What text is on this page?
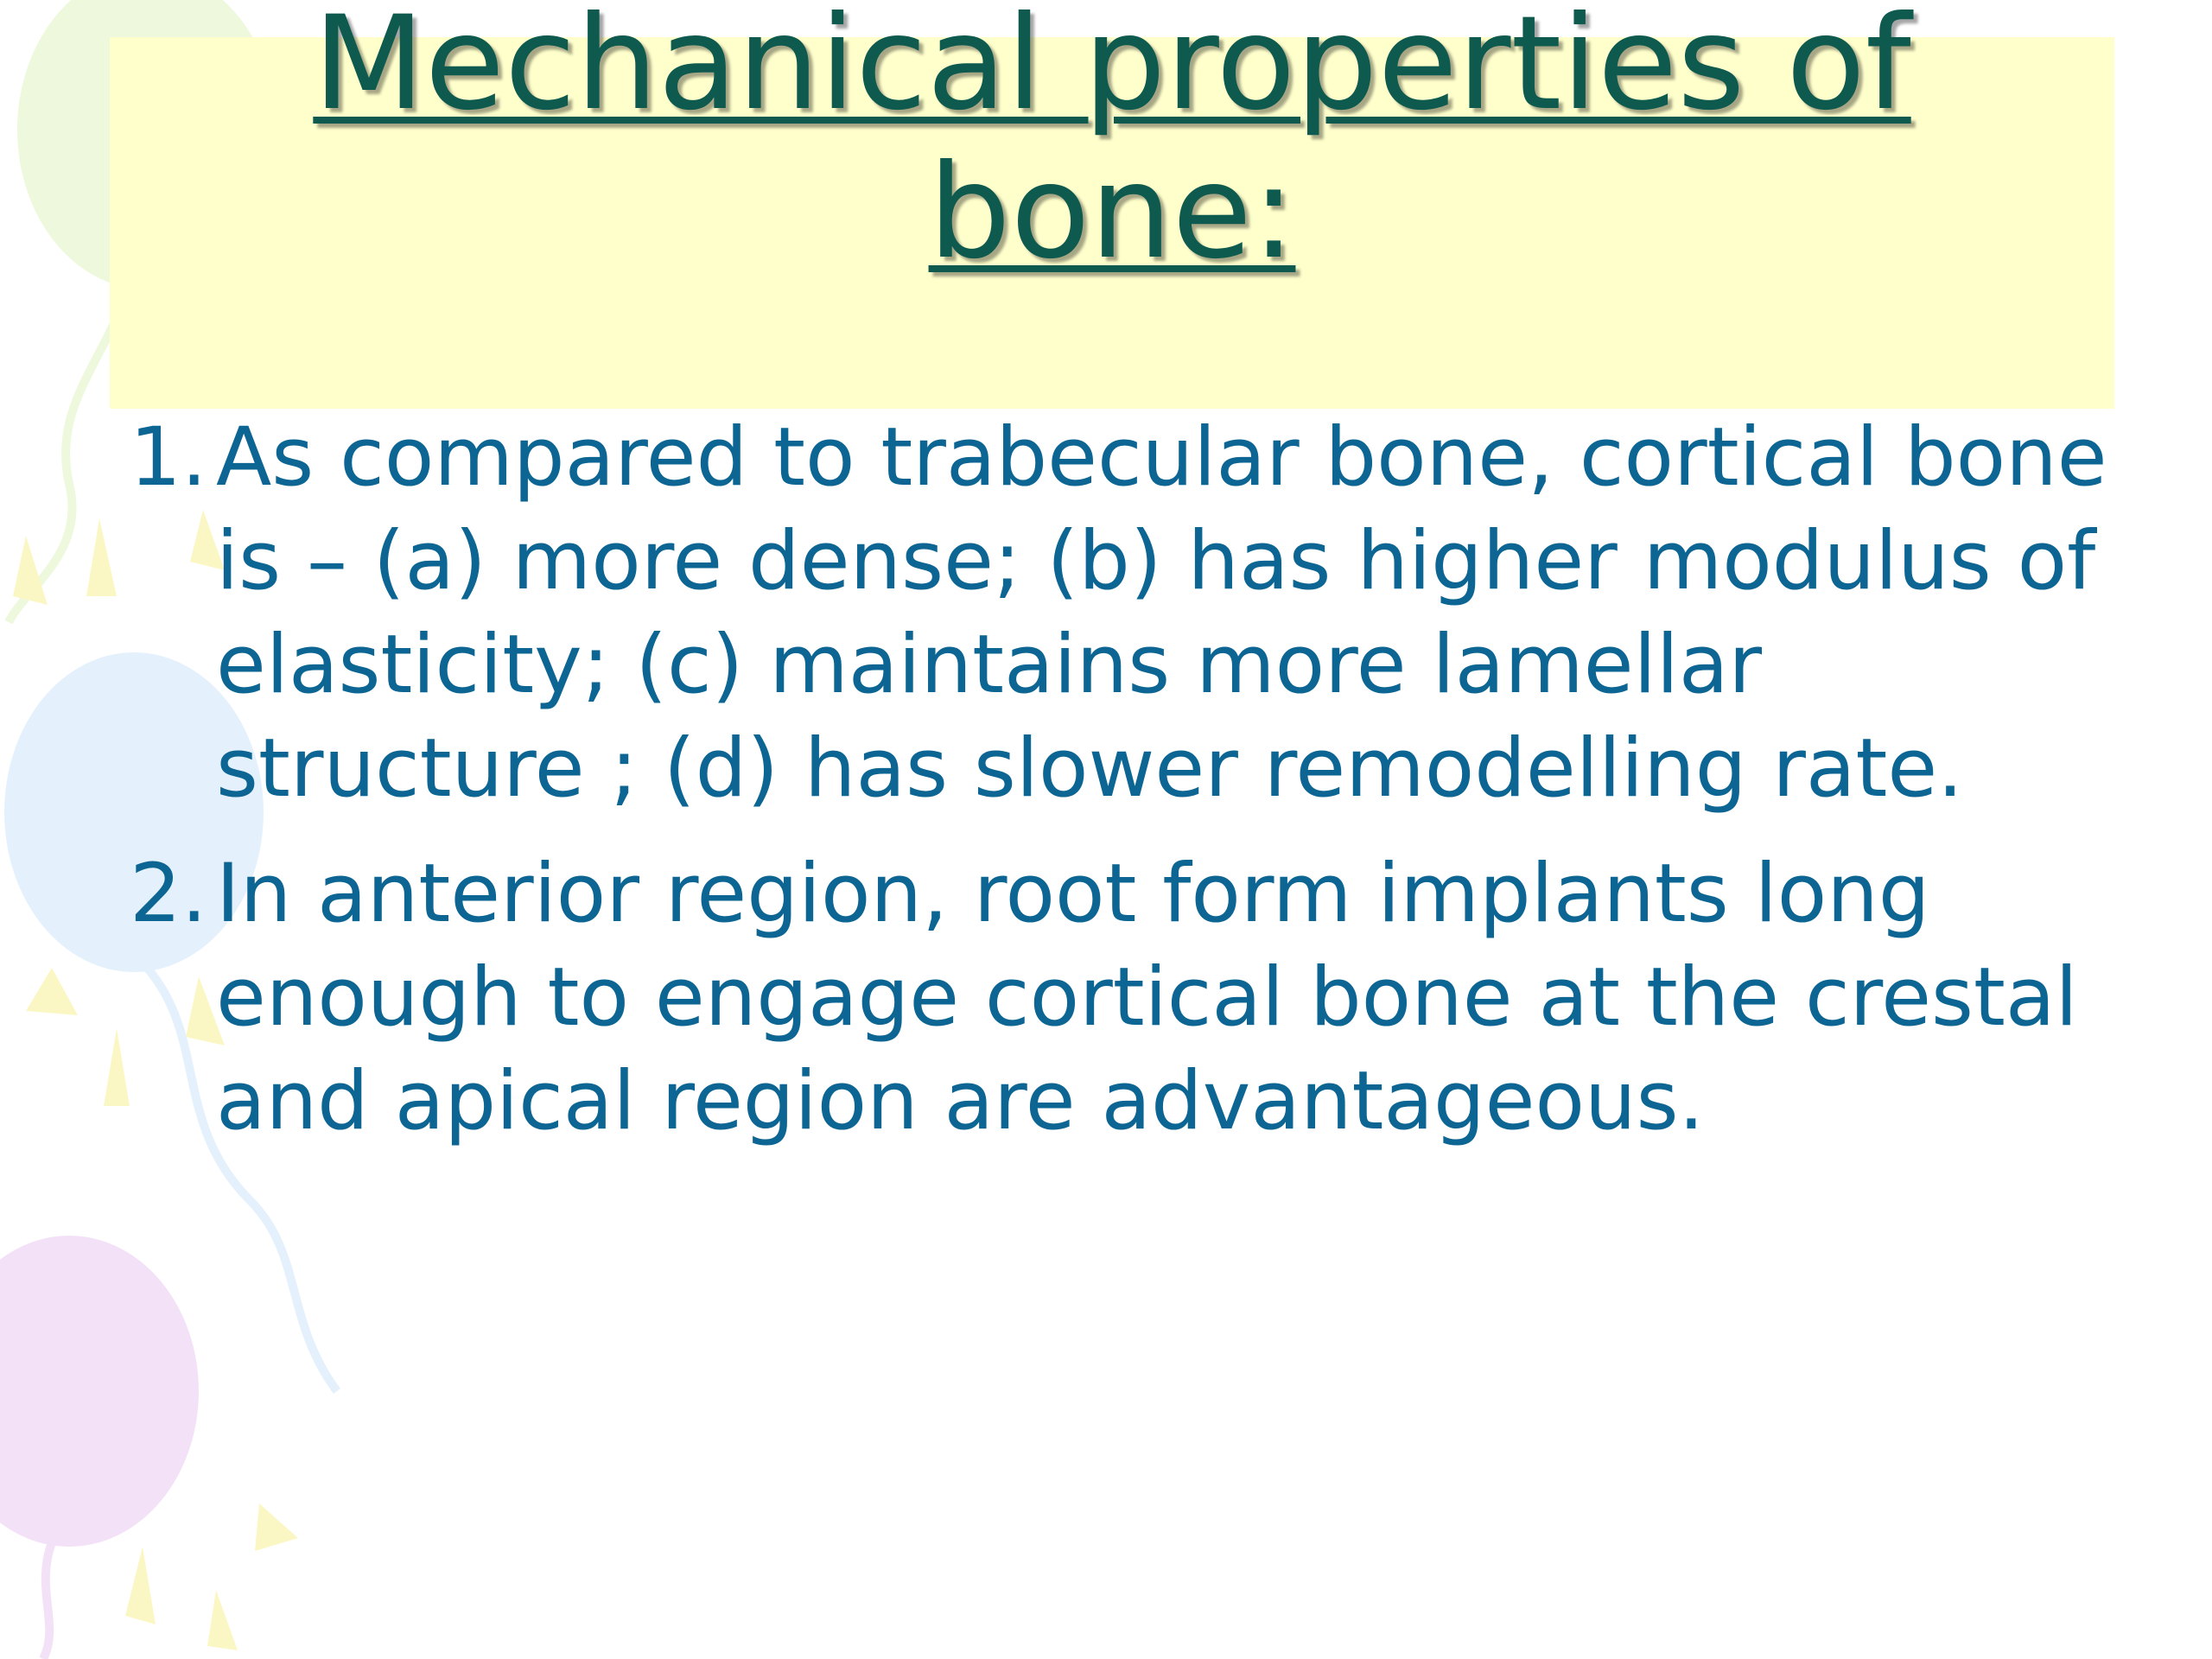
Mechanical properties of bone:
1. As compared to trabecular bone, cortical bone is – (a) more dense; (b) has higher modulus of elasticity; (c) maintains more lamellar structure ; (d) has slower remodelling rate.
2. In anterior region, root form implants long enough to engage cortical bone at the crestal and apical region are advantageous.
